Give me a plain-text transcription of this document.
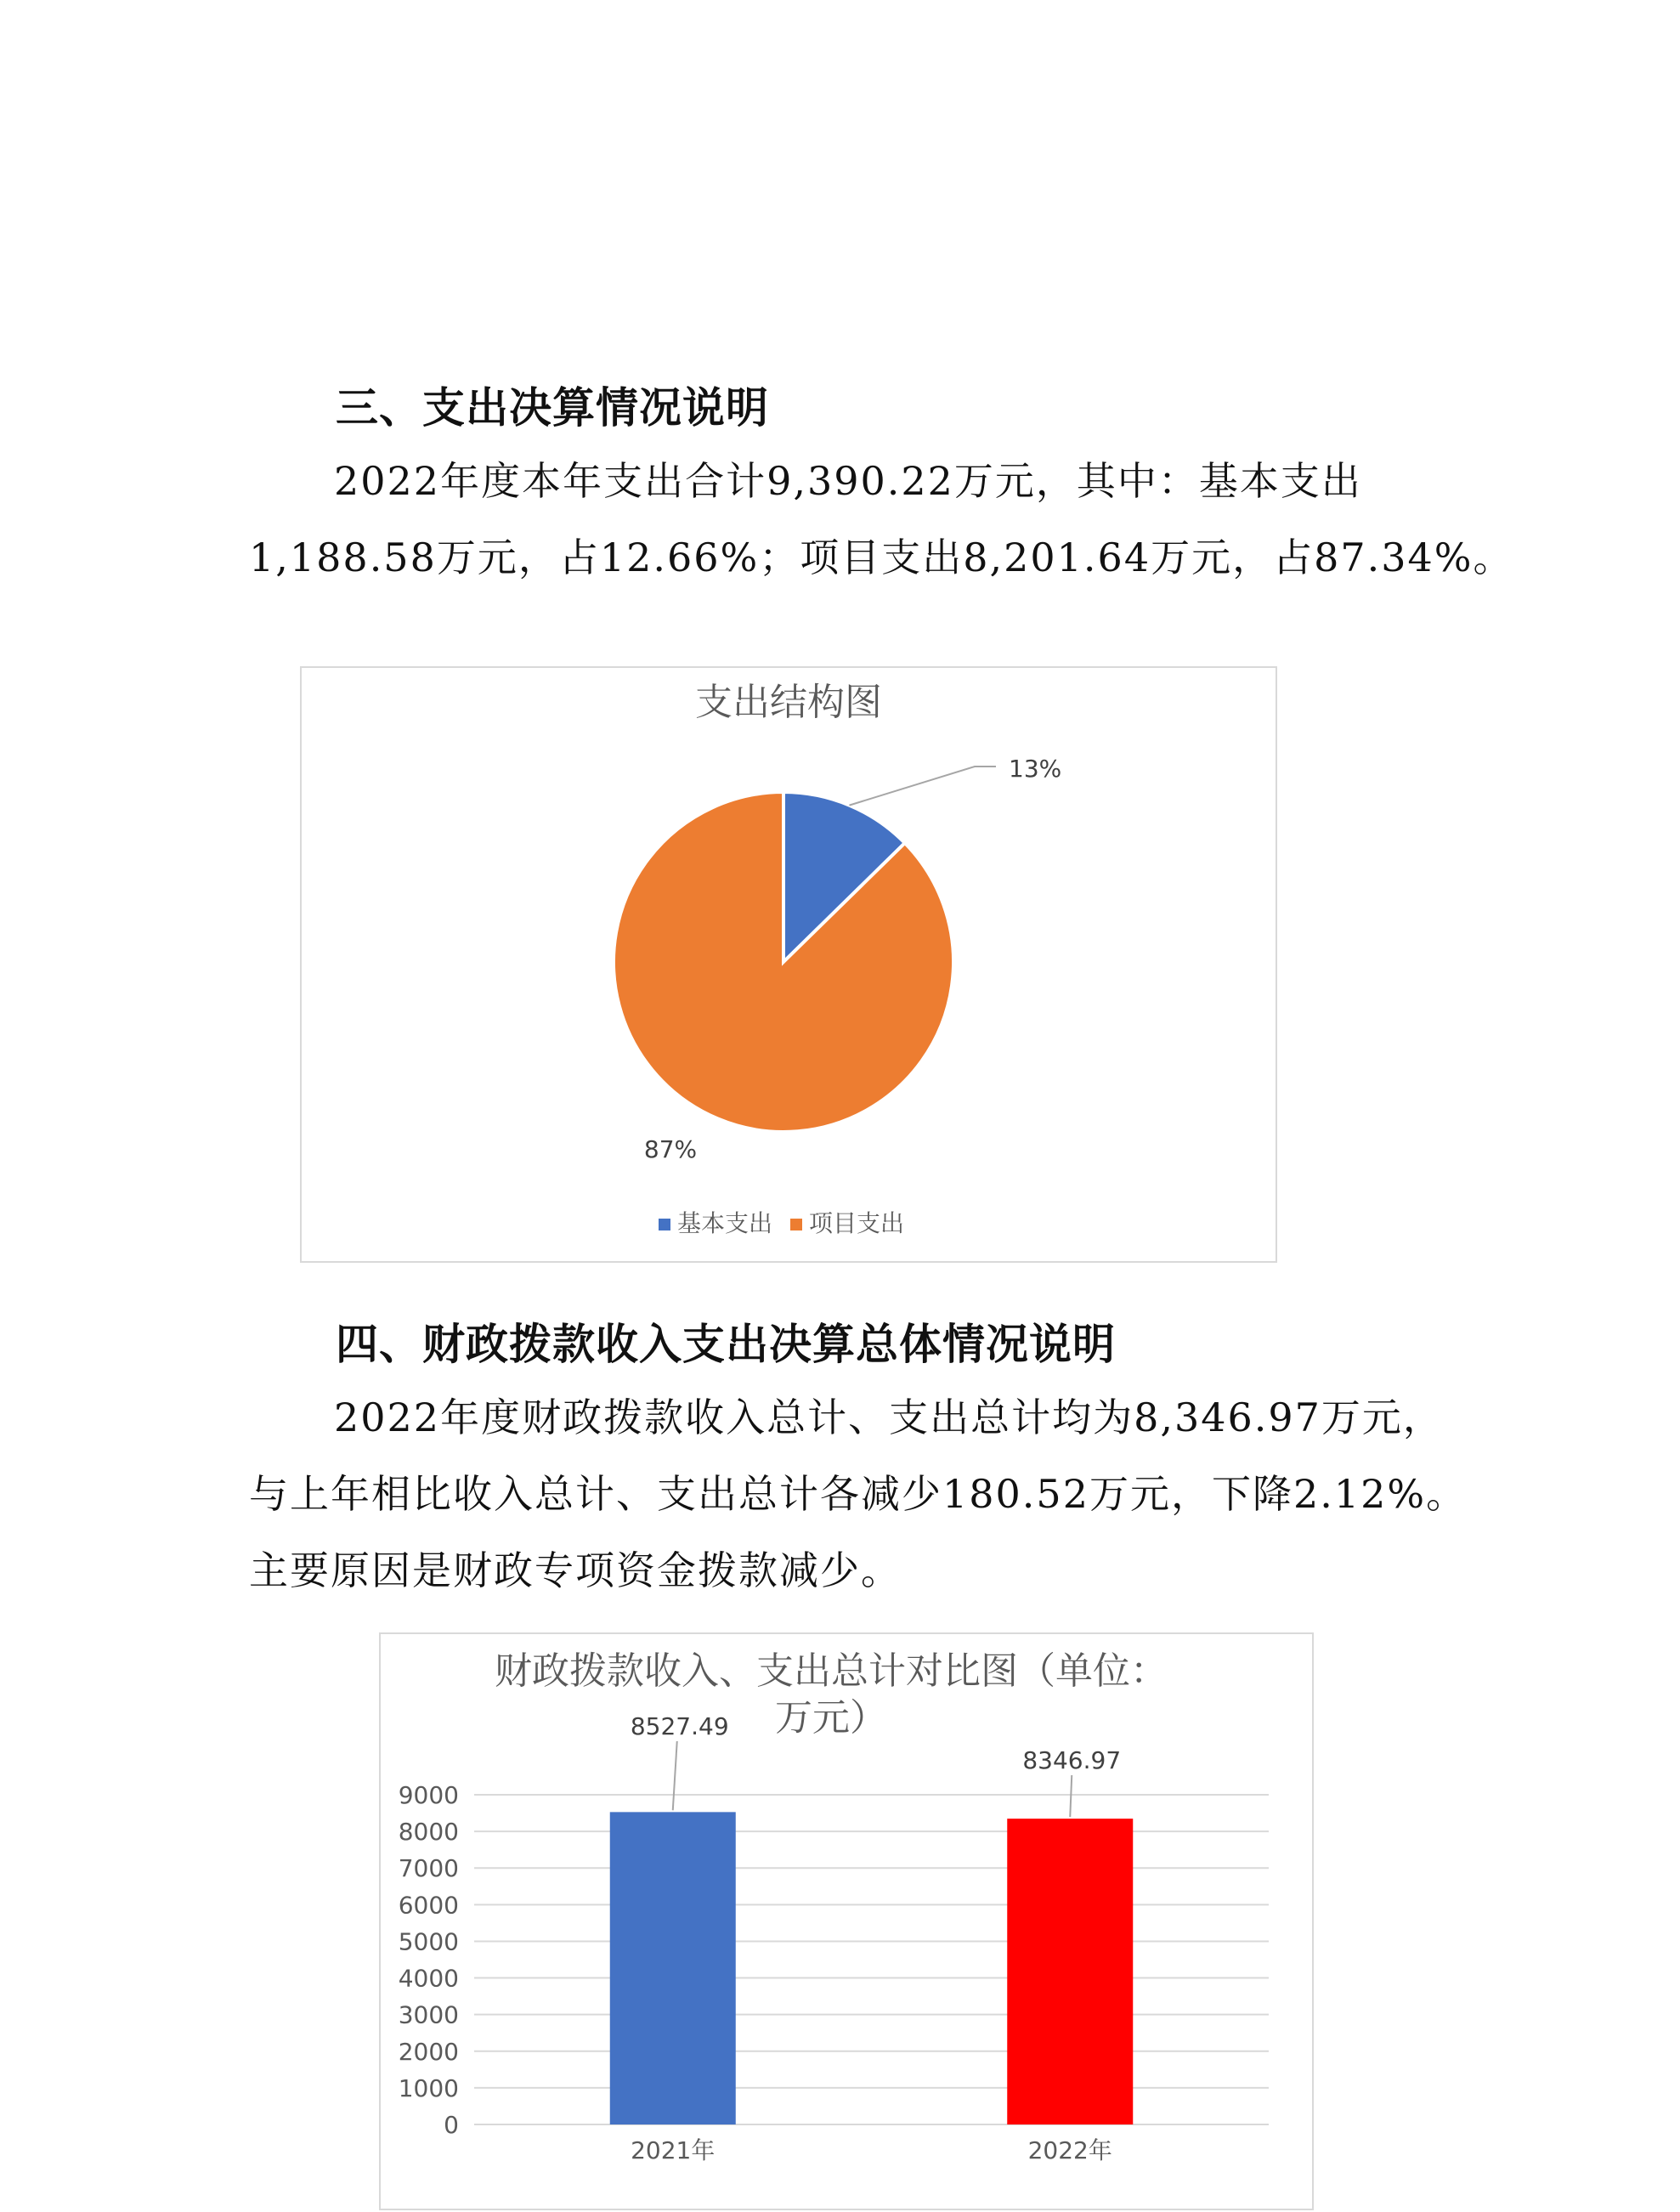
三、支出决算情况说明

2022年度本年支出合计9,390.22万元，其中：基本支出

1,188.58万元，占12.66%；项目支出8,201.64万元，占87.34%。

支出结构图
13%
87%
基本支出 项目支出
四、财政拨款收入支出决算总体情况说明

2022年度财政拨款收入总计、支出总计均为8,346.97万元，

与上年相比收入总计、支出总计各减少180.52万元，下降2.12%。

主要原因是财政专项资金拨款减少。

财政拨款收入、支出总计对比图（单位：
万元）
0
1000
2000
3000
4000
5000
6000
7000
8000
9000
8527.49
8346.97
2021年	2022年
